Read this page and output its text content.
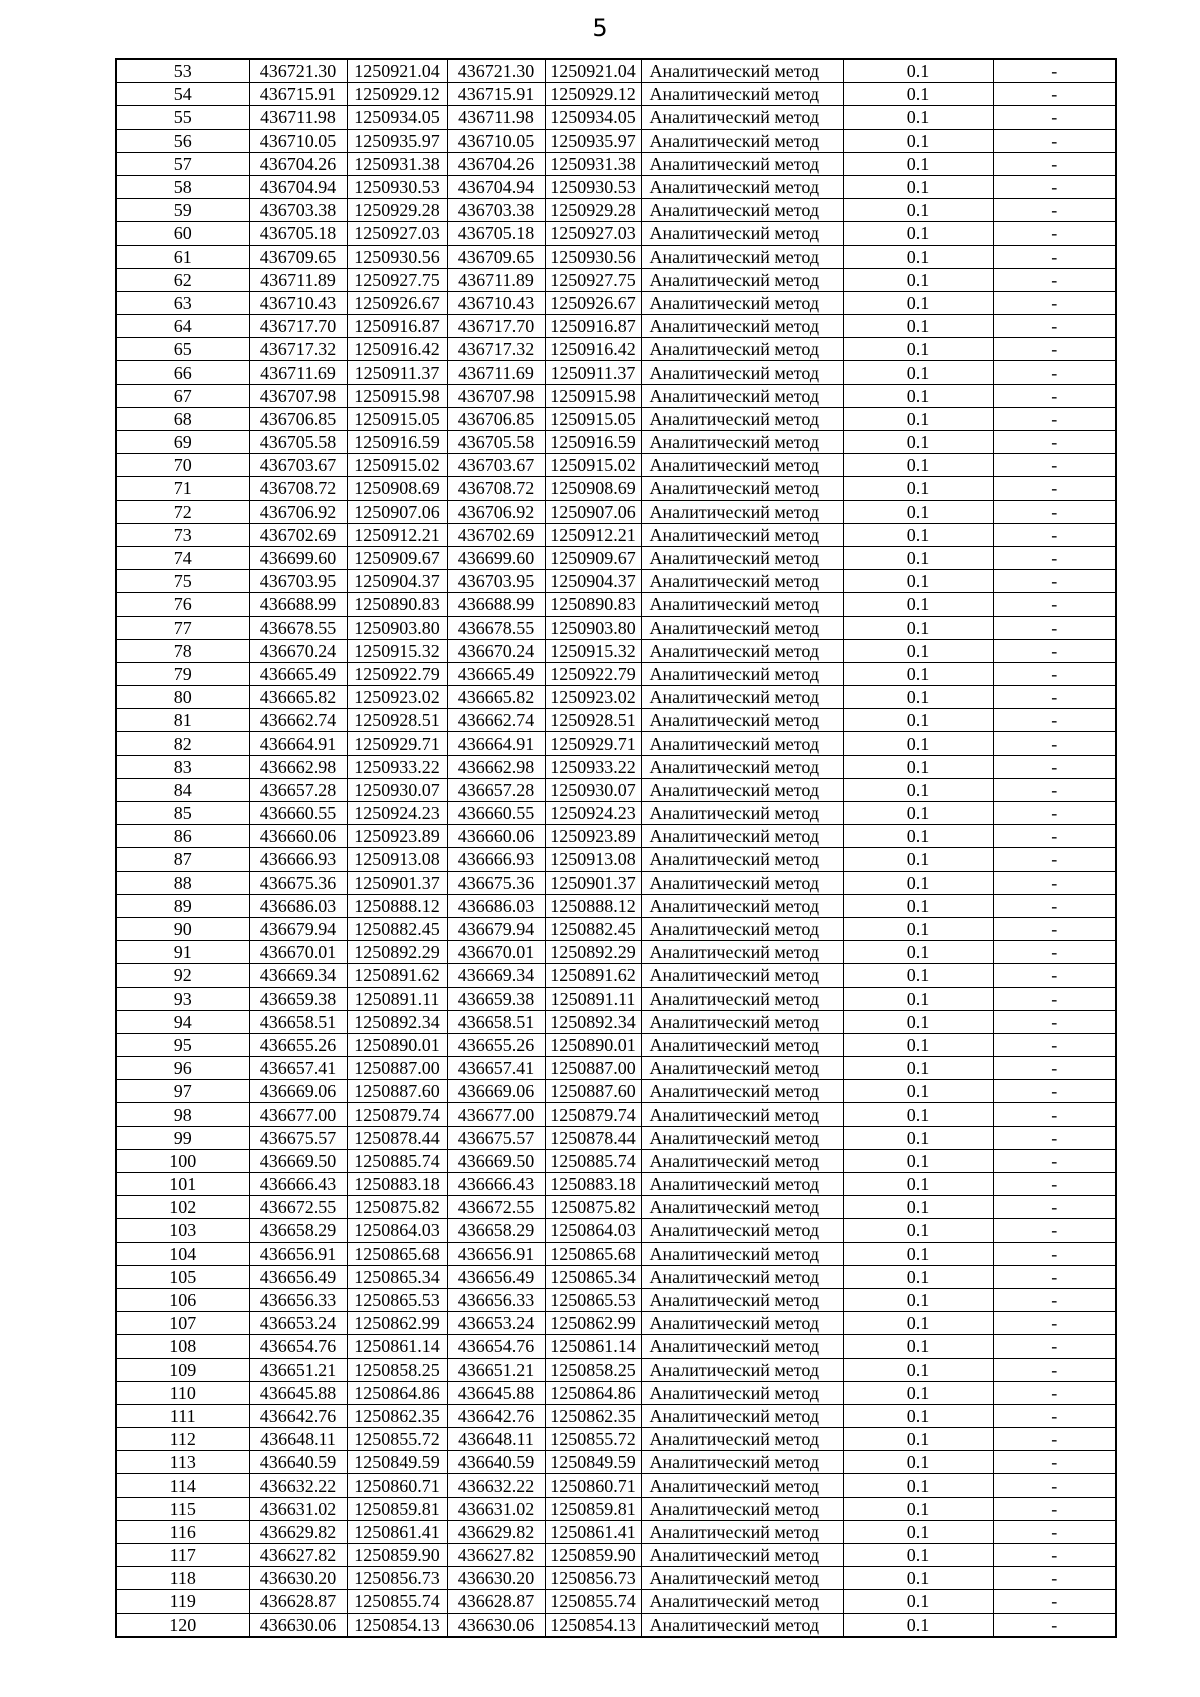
5
53	436721.30	1250921.04	436721.30	1250921.04	Аналитический метод	0.1	-
54	436715.91	1250929.12	436715.91	1250929.12	Аналитический метод	0.1	-
55	436711.98	1250934.05	436711.98	1250934.05	Аналитический метод	0.1	-
56	436710.05	1250935.97	436710.05	1250935.97	Аналитический метод	0.1	-
57	436704.26	1250931.38	436704.26	1250931.38	Аналитический метод	0.1	-
58	436704.94	1250930.53	436704.94	1250930.53	Аналитический метод	0.1	-
59	436703.38	1250929.28	436703.38	1250929.28	Аналитический метод	0.1	-
60	436705.18	1250927.03	436705.18	1250927.03	Аналитический метод	0.1	-
61	436709.65	1250930.56	436709.65	1250930.56	Аналитический метод	0.1	-
62	436711.89	1250927.75	436711.89	1250927.75	Аналитический метод	0.1	-
63	436710.43	1250926.67	436710.43	1250926.67	Аналитический метод	0.1	-
64	436717.70	1250916.87	436717.70	1250916.87	Аналитический метод	0.1	-
65	436717.32	1250916.42	436717.32	1250916.42	Аналитический метод	0.1	-
66	436711.69	1250911.37	436711.69	1250911.37	Аналитический метод	0.1	-
67	436707.98	1250915.98	436707.98	1250915.98	Аналитический метод	0.1	-
68	436706.85	1250915.05	436706.85	1250915.05	Аналитический метод	0.1	-
69	436705.58	1250916.59	436705.58	1250916.59	Аналитический метод	0.1	-
70	436703.67	1250915.02	436703.67	1250915.02	Аналитический метод	0.1	-
71	436708.72	1250908.69	436708.72	1250908.69	Аналитический метод	0.1	-
72	436706.92	1250907.06	436706.92	1250907.06	Аналитический метод	0.1	-
73	436702.69	1250912.21	436702.69	1250912.21	Аналитический метод	0.1	-
74	436699.60	1250909.67	436699.60	1250909.67	Аналитический метод	0.1	-
75	436703.95	1250904.37	436703.95	1250904.37	Аналитический метод	0.1	-
76	436688.99	1250890.83	436688.99	1250890.83	Аналитический метод	0.1	-
77	436678.55	1250903.80	436678.55	1250903.80	Аналитический метод	0.1	-
78	436670.24	1250915.32	436670.24	1250915.32	Аналитический метод	0.1	-
79	436665.49	1250922.79	436665.49	1250922.79	Аналитический метод	0.1	-
80	436665.82	1250923.02	436665.82	1250923.02	Аналитический метод	0.1	-
81	436662.74	1250928.51	436662.74	1250928.51	Аналитический метод	0.1	-
82	436664.91	1250929.71	436664.91	1250929.71	Аналитический метод	0.1	-
83	436662.98	1250933.22	436662.98	1250933.22	Аналитический метод	0.1	-
84	436657.28	1250930.07	436657.28	1250930.07	Аналитический метод	0.1	-
85	436660.55	1250924.23	436660.55	1250924.23	Аналитический метод	0.1	-
86	436660.06	1250923.89	436660.06	1250923.89	Аналитический метод	0.1	-
87	436666.93	1250913.08	436666.93	1250913.08	Аналитический метод	0.1	-
88	436675.36	1250901.37	436675.36	1250901.37	Аналитический метод	0.1	-
89	436686.03	1250888.12	436686.03	1250888.12	Аналитический метод	0.1	-
90	436679.94	1250882.45	436679.94	1250882.45	Аналитический метод	0.1	-
91	436670.01	1250892.29	436670.01	1250892.29	Аналитический метод	0.1	-
92	436669.34	1250891.62	436669.34	1250891.62	Аналитический метод	0.1	-
93	436659.38	1250891.11	436659.38	1250891.11	Аналитический метод	0.1	-
94	436658.51	1250892.34	436658.51	1250892.34	Аналитический метод	0.1	-
95	436655.26	1250890.01	436655.26	1250890.01	Аналитический метод	0.1	-
96	436657.41	1250887.00	436657.41	1250887.00	Аналитический метод	0.1	-
97	436669.06	1250887.60	436669.06	1250887.60	Аналитический метод	0.1	-
98	436677.00	1250879.74	436677.00	1250879.74	Аналитический метод	0.1	-
99	436675.57	1250878.44	436675.57	1250878.44	Аналитический метод	0.1	-
100	436669.50	1250885.74	436669.50	1250885.74	Аналитический метод	0.1	-
101	436666.43	1250883.18	436666.43	1250883.18	Аналитический метод	0.1	-
102	436672.55	1250875.82	436672.55	1250875.82	Аналитический метод	0.1	-
103	436658.29	1250864.03	436658.29	1250864.03	Аналитический метод	0.1	-
104	436656.91	1250865.68	436656.91	1250865.68	Аналитический метод	0.1	-
105	436656.49	1250865.34	436656.49	1250865.34	Аналитический метод	0.1	-
106	436656.33	1250865.53	436656.33	1250865.53	Аналитический метод	0.1	-
107	436653.24	1250862.99	436653.24	1250862.99	Аналитический метод	0.1	-
108	436654.76	1250861.14	436654.76	1250861.14	Аналитический метод	0.1	-
109	436651.21	1250858.25	436651.21	1250858.25	Аналитический метод	0.1	-
110	436645.88	1250864.86	436645.88	1250864.86	Аналитический метод	0.1	-
111	436642.76	1250862.35	436642.76	1250862.35	Аналитический метод	0.1	-
112	436648.11	1250855.72	436648.11	1250855.72	Аналитический метод	0.1	-
113	436640.59	1250849.59	436640.59	1250849.59	Аналитический метод	0.1	-
114	436632.22	1250860.71	436632.22	1250860.71	Аналитический метод	0.1	-
115	436631.02	1250859.81	436631.02	1250859.81	Аналитический метод	0.1	-
116	436629.82	1250861.41	436629.82	1250861.41	Аналитический метод	0.1	-
117	436627.82	1250859.90	436627.82	1250859.90	Аналитический метод	0.1	-
118	436630.20	1250856.73	436630.20	1250856.73	Аналитический метод	0.1	-
119	436628.87	1250855.74	436628.87	1250855.74	Аналитический метод	0.1	-
120	436630.06	1250854.13	436630.06	1250854.13	Аналитический метод	0.1	-
